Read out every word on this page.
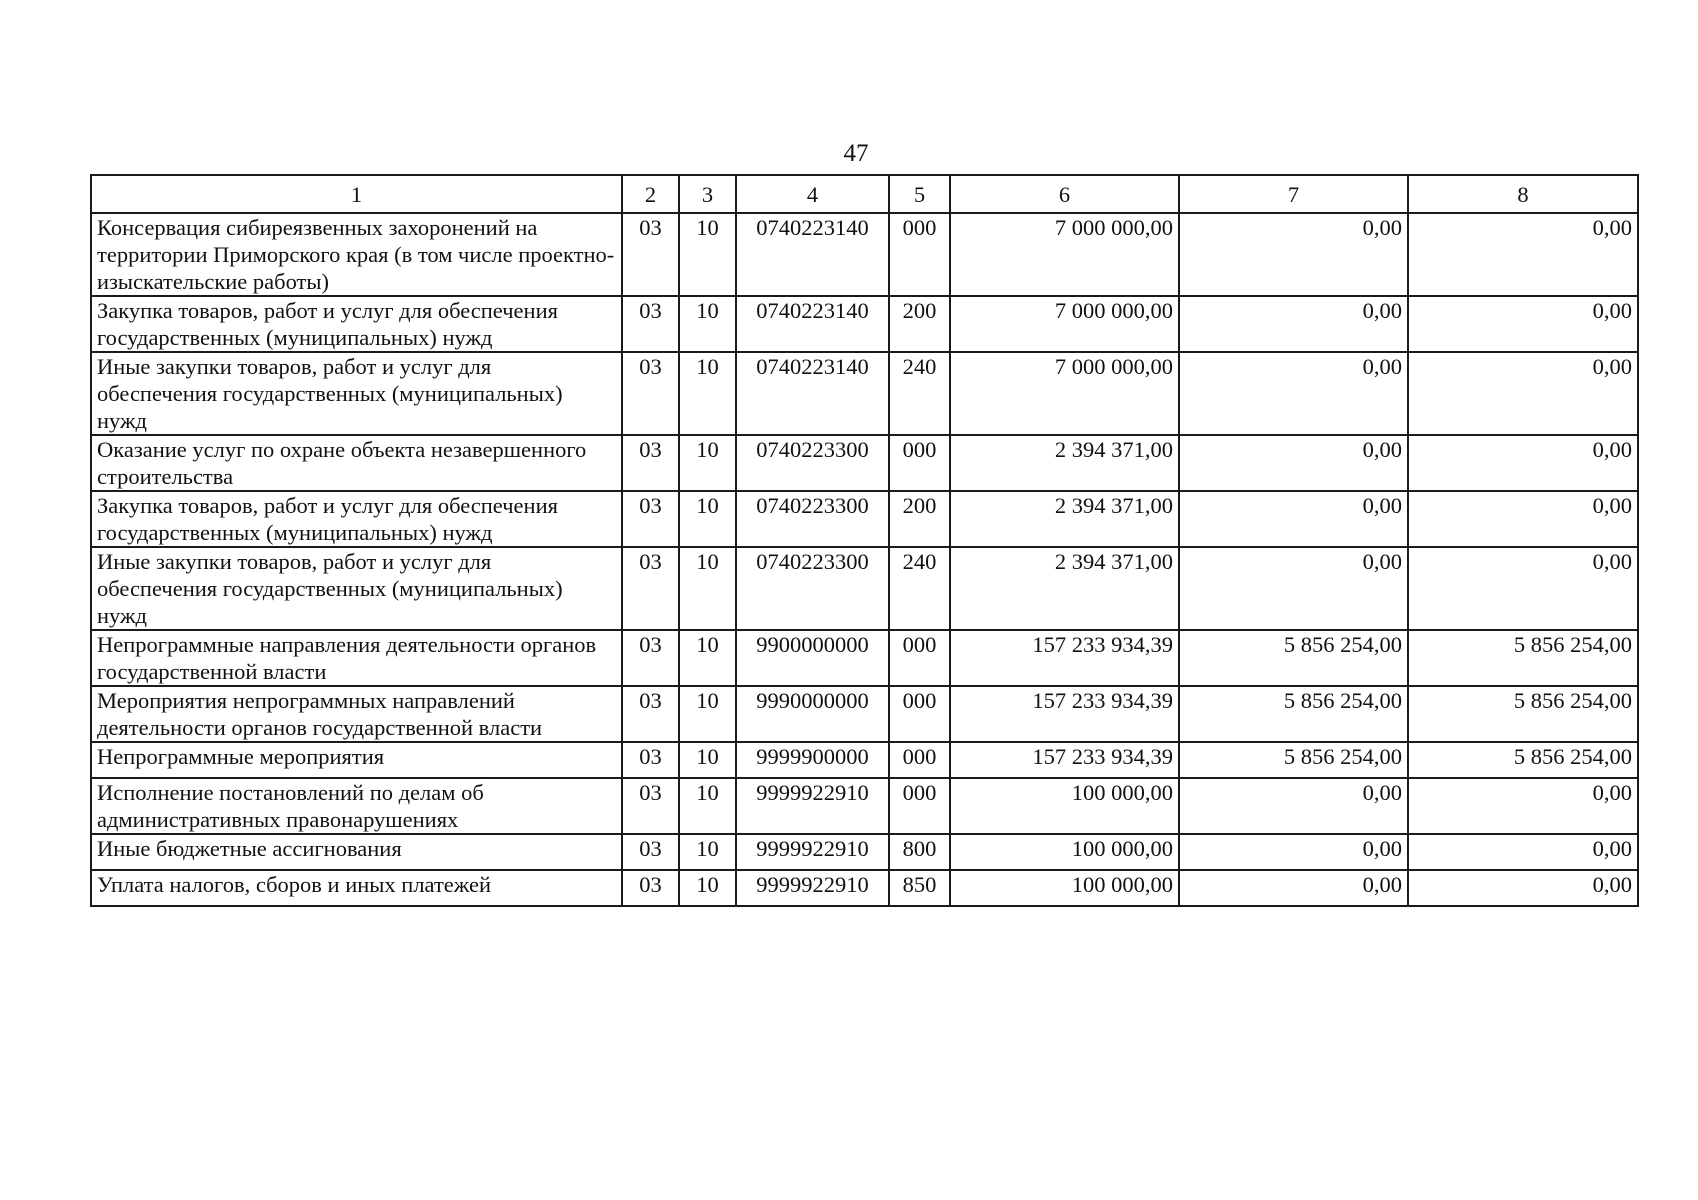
47
1	2	3	4	5	6	7	8
Консервация сибиреязвенных захоронений на территории Приморского края (в том числе проектно-изыскательские работы)	03	10	0740223140	000	7 000 000,00	0,00	0,00
Закупка товаров, работ и услуг для обеспечения государственных (муниципальных) нужд	03	10	0740223140	200	7 000 000,00	0,00	0,00
Иные закупки товаров, работ и услуг для обеспечения государственных (муниципальных) нужд	03	10	0740223140	240	7 000 000,00	0,00	0,00
Оказание услуг по охране объекта незавершенного строительства	03	10	0740223300	000	2 394 371,00	0,00	0,00
Закупка товаров, работ и услуг для обеспечения государственных (муниципальных) нужд	03	10	0740223300	200	2 394 371,00	0,00	0,00
Иные закупки товаров, работ и услуг для обеспечения государственных (муниципальных) нужд	03	10	0740223300	240	2 394 371,00	0,00	0,00
Непрограммные направления деятельности органов государственной власти	03	10	9900000000	000	157 233 934,39	5 856 254,00	5 856 254,00
Мероприятия непрограммных направлений деятельности органов государственной власти	03	10	9990000000	000	157 233 934,39	5 856 254,00	5 856 254,00
Непрограммные мероприятия	03	10	9999900000	000	157 233 934,39	5 856 254,00	5 856 254,00
Исполнение постановлений по делам об административных правонарушениях	03	10	9999922910	000	100 000,00	0,00	0,00
Иные бюджетные ассигнования	03	10	9999922910	800	100 000,00	0,00	0,00
Уплата налогов, сборов и иных платежей	03	10	9999922910	850	100 000,00	0,00	0,00
